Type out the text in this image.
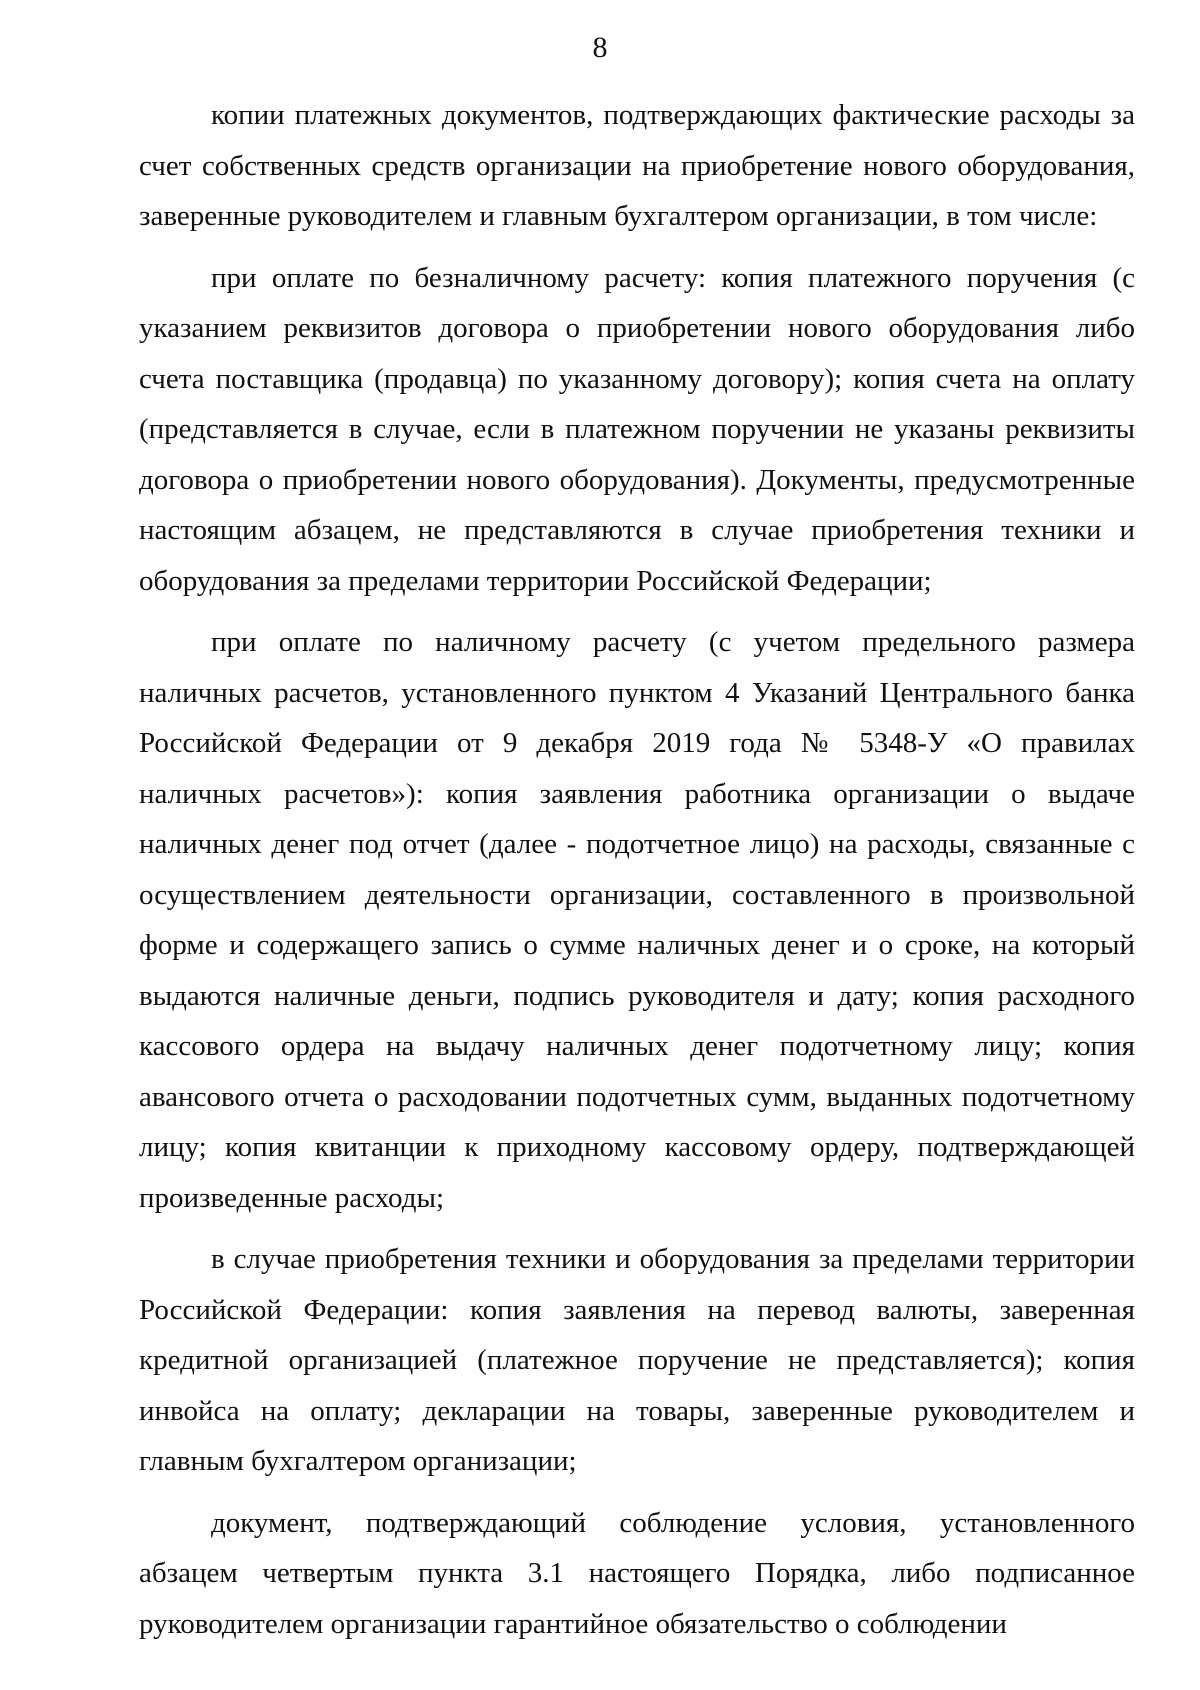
8

копии платежных документов, подтверждающих фактические расходы за счет собственных средств организации на приобретение нового оборудования, заверенные руководителем и главным бухгалтером организации, в том числе:

при оплате по безналичному расчету: копия платежного поручения (с указанием реквизитов договора о приобретении нового оборудования либо счета поставщика (продавца) по указанному договору); копия счета на оплату (представляется в случае, если в платежном поручении не указаны реквизиты договора о приобретении нового оборудования). Документы, предусмотренные настоящим абзацем, не представляются в случае приобретения техники и оборудования за пределами территории Российской Федерации;

при оплате по наличному расчету (с учетом предельного размера наличных расчетов, установленного пунктом 4 Указаний Центрального банка Российской Федерации от 9 декабря 2019 года № 5348-У «О правилах наличных расчетов»): копия заявления работника организации о выдаче наличных денег под отчет (далее - подотчетное лицо) на расходы, связанные с осуществлением деятельности организации, составленного в произвольной форме и содержащего запись о сумме наличных денег и о сроке, на который выдаются наличные деньги, подпись руководителя и дату; копия расходного кассового ордера на выдачу наличных денег подотчетному лицу; копия авансового отчета о расходовании подотчетных сумм, выданных подотчетному лицу; копия квитанции к приходному кассовому ордеру, подтверждающей произведенные расходы;

в случае приобретения техники и оборудования за пределами территории Российской Федерации: копия заявления на перевод валюты, заверенная кредитной организацией (платежное поручение не представляется); копия инвойса на оплату; декларации на товары, заверенные руководителем и главным бухгалтером организации;

документ, подтверждающий соблюдение условия, установленного абзацем четвертым пункта 3.1 настоящего Порядка, либо подписанное руководителем организации гарантийное обязательство о соблюдении
